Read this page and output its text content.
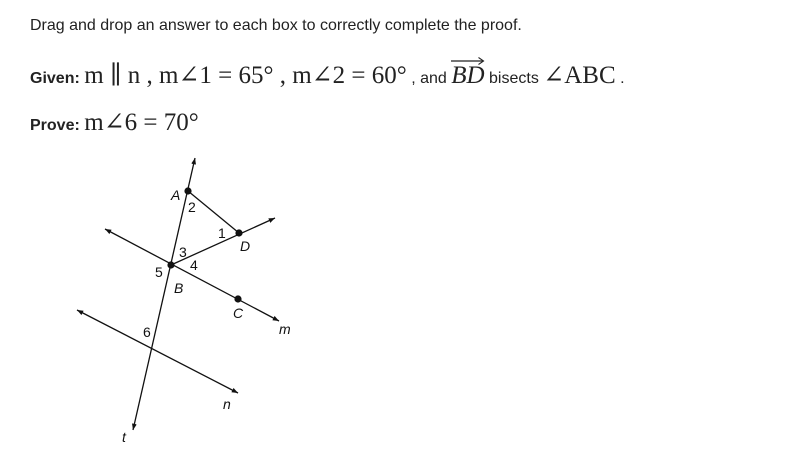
Drag and drop an answer to each box to correctly complete the proof.
Given: m ∥ n , m∠1 = 65° , m∠2 = 60° , and BD bisects ∠ABC .
Prove: m∠6 = 70°
A
B
C
D
m
n
t
1
2
3
4
5
6
